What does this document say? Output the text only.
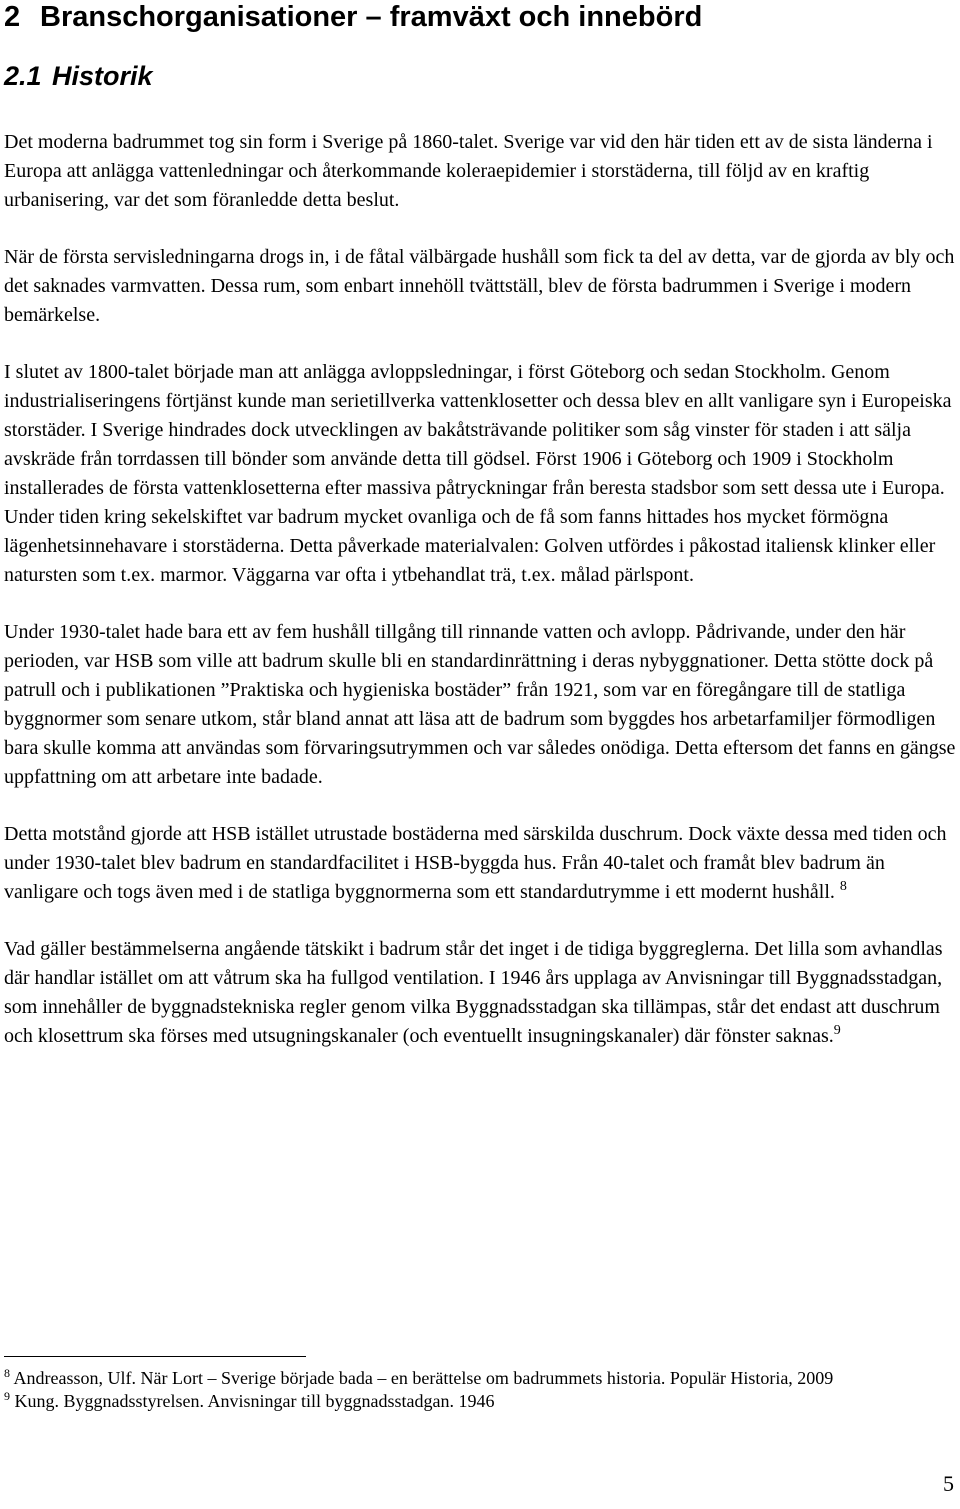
2 Branschorganisationer – framväxt och innebörd
2.1 Historik

Det moderna badrummet tog sin form i Sverige på 1860-talet. Sverige var vid den här tiden ett av de sista länderna i Europa att anlägga vattenledningar och återkommande koleraepidemier i storstäderna, till följd av en kraftig urbanisering, var det som föranledde detta beslut.

När de första servisledningarna drogs in, i de fåtal välbärgade hushåll som fick ta del av detta, var de gjorda av bly och det saknades varmvatten. Dessa rum, som enbart innehöll tvättställ, blev de första badrummen i Sverige i modern bemärkelse.

I slutet av 1800-talet började man att anlägga avloppsledningar, i först Göteborg och sedan Stockholm. Genom industrialiseringens förtjänst kunde man serietillverka vattenklosetter och dessa blev en allt vanligare syn i Europeiska storstäder. I Sverige hindrades dock utvecklingen av bakåtsträvande politiker som såg vinster för staden i att sälja avskräde från torrdassen till bönder som använde detta till gödsel. Först 1906 i Göteborg och 1909 i Stockholm installerades de första vattenklosetterna efter massiva påtryckningar från beresta stadsbor som sett dessa ute i Europa.

Under tiden kring sekelskiftet var badrum mycket ovanliga och de få som fanns hittades hos mycket förmögna lägenhetsinnehavare i storstäderna. Detta påverkade materialvalen: Golven utfördes i påkostad italiensk klinker eller natursten som t.ex. marmor. Väggarna var ofta i ytbehandlat trä, t.ex. målad pärlspont.

Under 1930-talet hade bara ett av fem hushåll tillgång till rinnande vatten och avlopp. Pådrivande, under den här perioden, var HSB som ville att badrum skulle bli en standardinrättning i deras nybyggnationer. Detta stötte dock på patrull och i publikationen ”Praktiska och hygieniska bostäder” från 1921, som var en föregångare till de statliga byggnormer som senare utkom, står bland annat att läsa att de badrum som byggdes hos arbetarfamiljer förmodligen bara skulle komma att användas som förvaringsutrymmen och var således onödiga. Detta eftersom det fanns en gängse uppfattning om att arbetare inte badade.

Detta motstånd gjorde att HSB istället utrustade bostäderna med särskilda duschrum. Dock växte dessa med tiden och under 1930-talet blev badrum en standardfacilitet i HSB-byggda hus. Från 40-talet och framåt blev badrum än vanligare och togs även med i de statliga byggnormerna som ett standardutrymme i ett modernt hushåll. $^8$

Vad gäller bestämmelserna angående tätskikt i badrum står det inget i de tidiga byggreglerna. Det lilla som avhandlas där handlar istället om att våtrum ska ha fullgod ventilation. I 1946 års upplaga av Anvisningar till Byggnadsstadgan, som innehåller de byggnadstekniska regler genom vilka Byggnadsstadgan ska tillämpas, står det endast att duschrum och klosettrum ska förses med utsugningskanaler (och eventuellt insugningskanaler) där fönster saknas.$^9$

$^8$ Andreasson, Ulf. När Lort – Sverige började bada – en berättelse om badrummets historia. Populär Historia, 2009

$^9$ Kung. Byggnadsstyrelsen. Anvisningar till byggnadsstadgan. 1946

5
